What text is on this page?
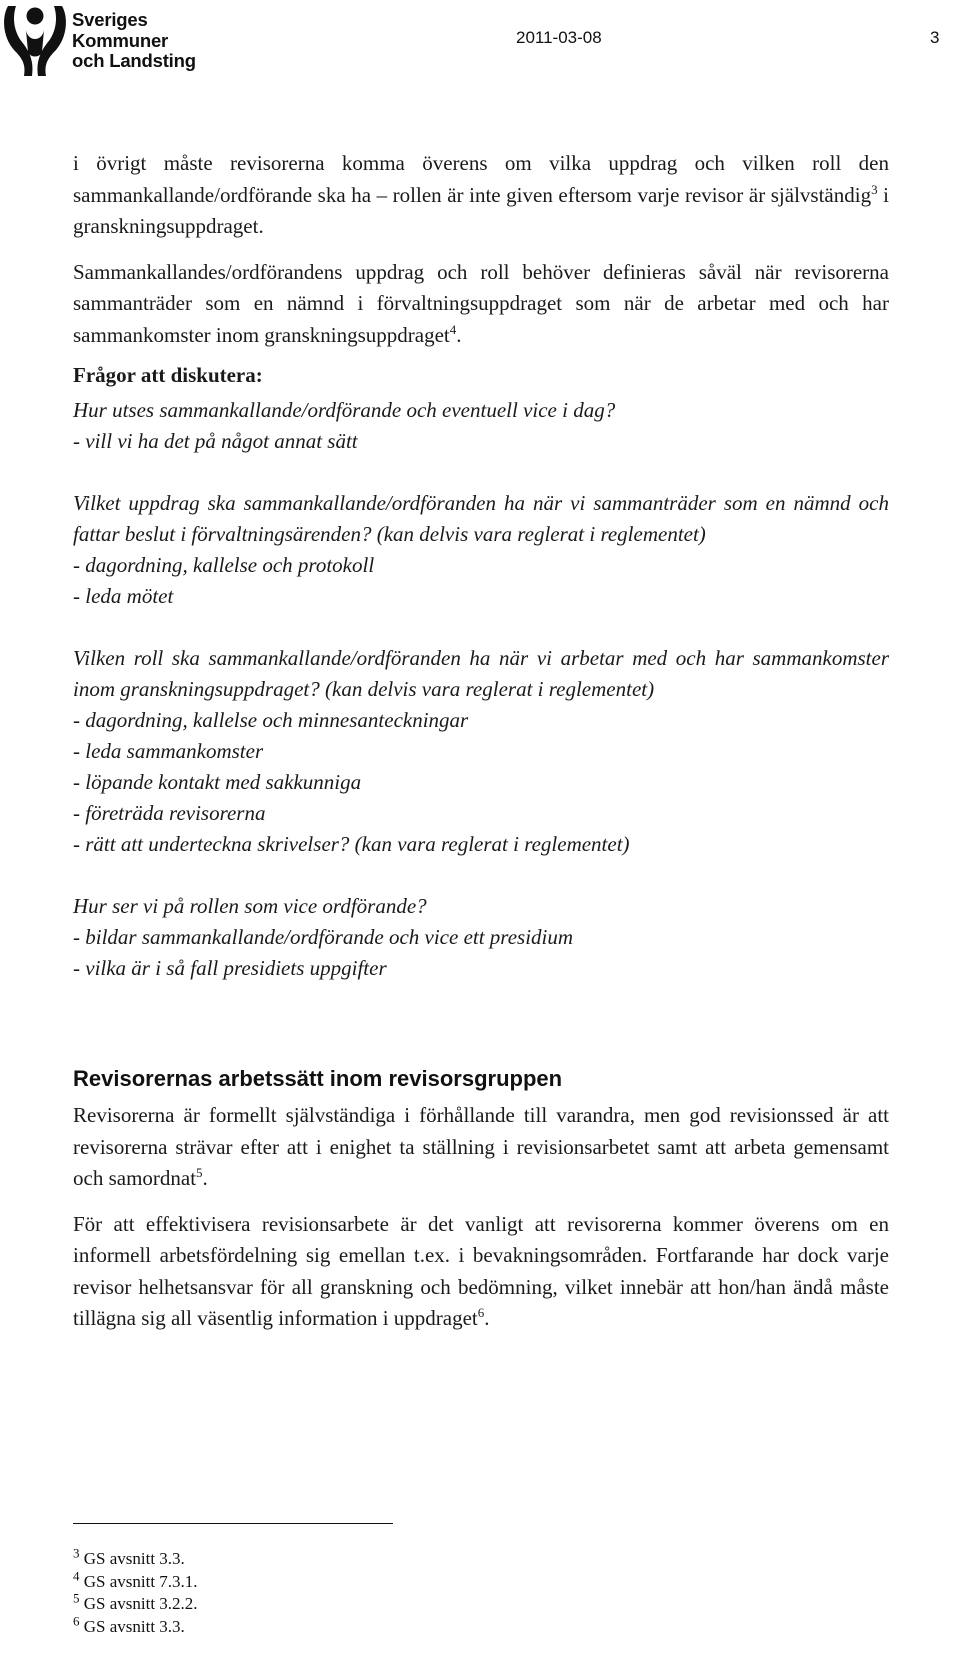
Sveriges
Kommuner
och Landsting
2011-03-08	3

i övrigt måste revisorerna komma överens om vilka uppdrag och vilken roll den sammankallande/ordförande ska ha – rollen är inte given eftersom varje revisor är självständig$^3$ i granskningsuppdraget.

Sammankallandes/ordförandens uppdrag och roll behöver definieras såväl när revisorerna sammanträder som en nämnd i förvaltningsuppdraget som när de arbetar med och har sammankomster inom granskningsuppdraget$^4$.

Frågor att diskutera:

Hur utses sammankallande/ordförande och eventuell vice i dag?

- vill vi ha det på något annat sätt

Vilket uppdrag ska sammankallande/ordföranden ha när vi sammanträder som en nämnd och fattar beslut i förvaltningsärenden? (kan delvis vara reglerat i reglementet)

- dagordning, kallelse och protokoll

- leda mötet

Vilken roll ska sammankallande/ordföranden ha när vi arbetar med och har sammankomster inom granskningsuppdraget? (kan delvis vara reglerat i reglementet)

- dagordning, kallelse och minnesanteckningar

- leda sammankomster

- löpande kontakt med sakkunniga

- företräda revisorerna

- rätt att underteckna skrivelser? (kan vara reglerat i reglementet)

Hur ser vi på rollen som vice ordförande?

- bildar sammankallande/ordförande och vice ett presidium

- vilka är i så fall presidiets uppgifter

Revisorernas arbetssätt inom revisorsgruppen

Revisorerna är formellt självständiga i förhållande till varandra, men god revisionssed är att revisorerna strävar efter att i enighet ta ställning i revisionsarbetet samt att arbeta gemensamt och samordnat$^5$.

För att effektivisera revisionsarbete är det vanligt att revisorerna kommer överens om en informell arbetsfördelning sig emellan t.ex. i bevakningsområden. Fortfarande har dock varje revisor helhetsansvar för all granskning och bedömning, vilket innebär att hon/han ändå måste tillägna sig all väsentlig information i uppdraget$^6$.

$^3$ GS avsnitt 3.3.

$^4$ GS avsnitt 7.3.1.

$^5$ GS avsnitt 3.2.2.

$^6$ GS avsnitt 3.3.
